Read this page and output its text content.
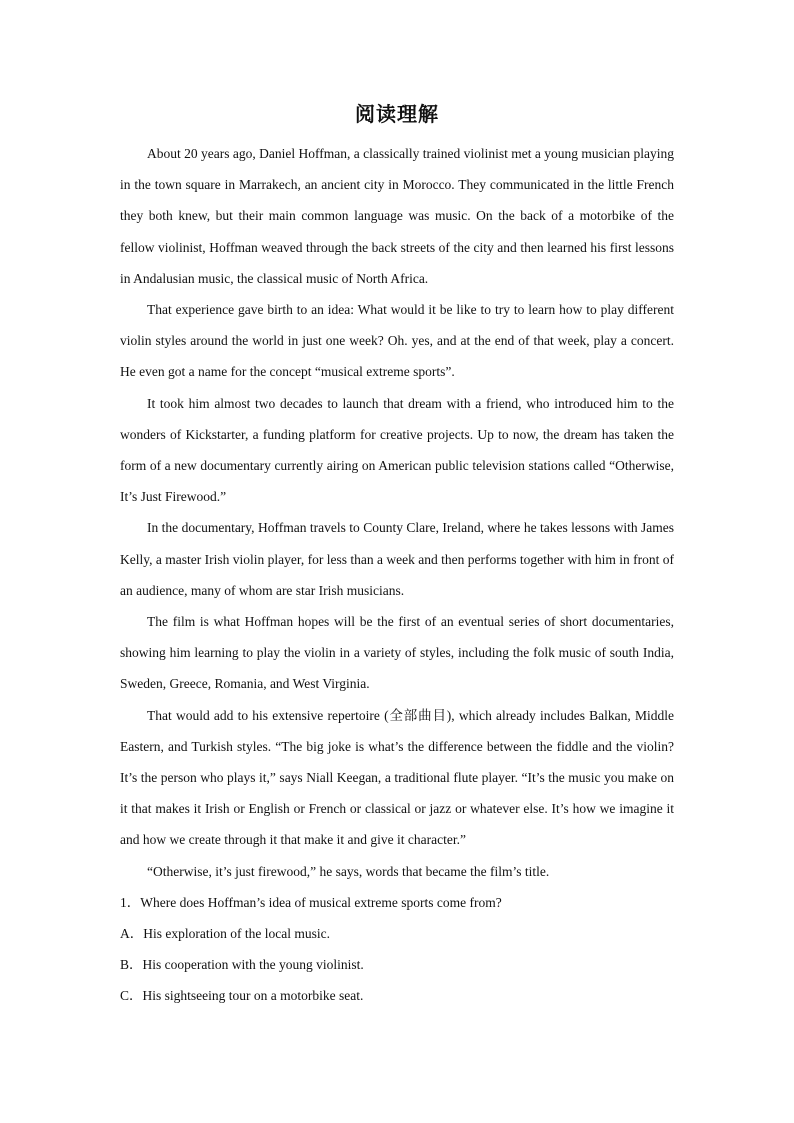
阅读理解

About 20 years ago, Daniel Hoffman, a classically trained violinist met a young musician playing in the town square in Marrakech, an ancient city in Morocco. They communicated in the little French they both knew, but their main common language was music. On the back of a motorbike of the fellow violinist, Hoffman weaved through the back streets of the city and then learned his first lessons in Andalusian music, the classical music of North Africa.

That experience gave birth to an idea: What would it be like to try to learn how to play different violin styles around the world in just one week? Oh. yes, and at the end of that week, play a concert. He even got a name for the concept “musical extreme sports”.

It took him almost two decades to launch that dream with a friend, who introduced him to the wonders of Kickstarter, a funding platform for creative projects. Up to now, the dream has taken the form of a new documentary currently airing on American public television stations called “Otherwise, It’s Just Firewood.”

In the documentary, Hoffman travels to County Clare, Ireland, where he takes lessons with James Kelly, a master Irish violin player, for less than a week and then performs together with him in front of an audience, many of whom are star Irish musicians.

The film is what Hoffman hopes will be the first of an eventual series of short documentaries, showing him learning to play the violin in a variety of styles, including the folk music of south India, Sweden, Greece, Romania, and West Virginia.

That would add to his extensive repertoire (全部曲目), which already includes Balkan, Middle Eastern, and Turkish styles. “The big joke is what’s the difference between the fiddle and the violin? It’s the person who plays it,” says Niall Keegan, a traditional flute player. “It’s the music you make on it that makes it Irish or English or French or classical or jazz or whatever else. It’s how we imagine it and how we create through it that make it and give it character.”

“Otherwise, it’s just firewood,” he says, words that became the film’s title.

1．Where does Hoffman’s idea of musical extreme sports come from?

A．His exploration of the local music.

B．His cooperation with the young violinist.

C．His sightseeing tour on a motorbike seat.
